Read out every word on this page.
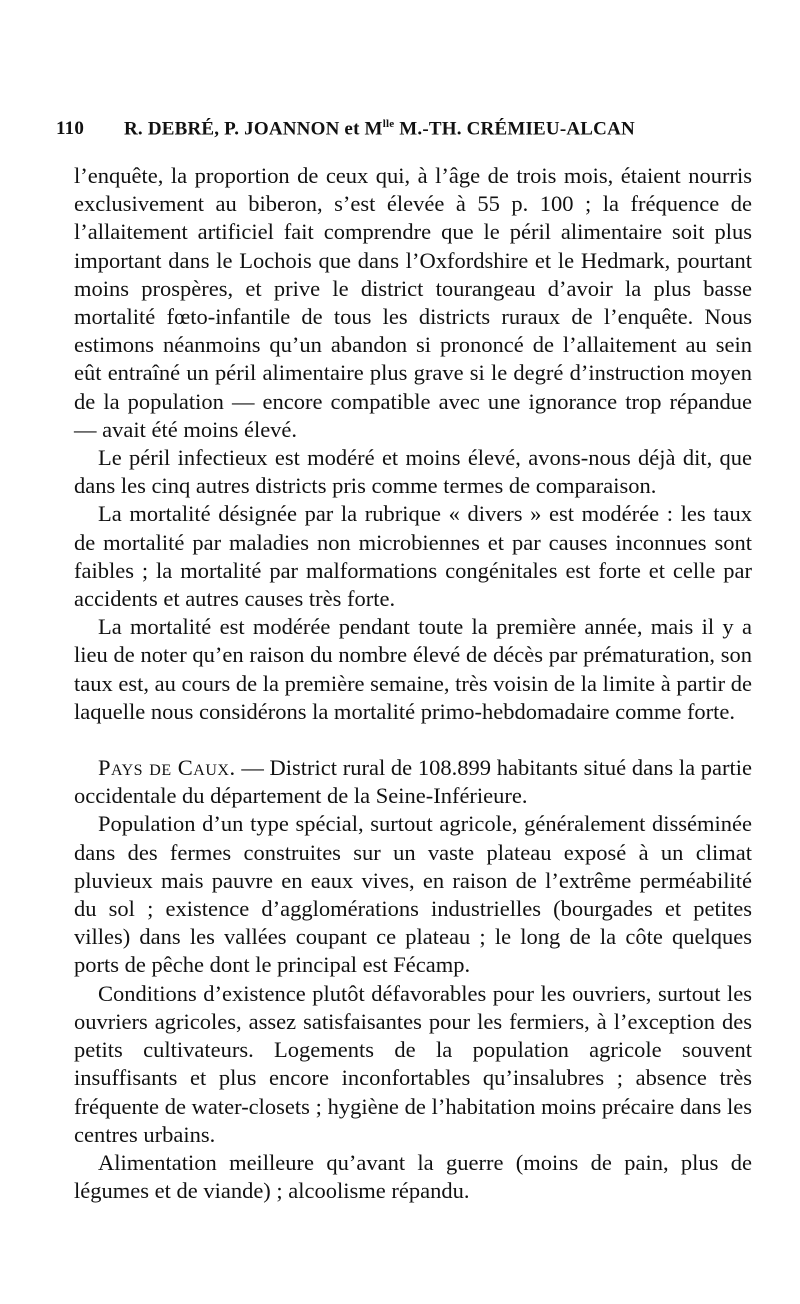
110 R. DEBRÉ, P. JOANNON et $M^{lle}$ M.-TH. CRÉMIEU-ALCAN

l’enquête, la proportion de ceux qui, à l’âge de trois mois, étaient nourris exclusivement au biberon, s’est élevée à 55 p. 100 ; la fréquence de l’allaitement artificiel fait comprendre que le péril alimentaire soit plus important dans le Lochois que dans l’Oxfordshire et le Hedmark, pourtant moins prospères, et prive le district tourangeau d’avoir la plus basse mortalité fœto-infantile de tous les districts ruraux de l’enquête. Nous estimons néanmoins qu’un abandon si prononcé de l’allaitement au sein eût entraîné un péril alimentaire plus grave si le degré d’instruction moyen de la population — encore compatible avec une ignorance trop répandue — avait été moins élevé.

Le péril infectieux est modéré et moins élevé, avons-nous déjà dit, que dans les cinq autres districts pris comme termes de comparaison.

La mortalité désignée par la rubrique « divers » est modérée : les taux de mortalité par maladies non microbiennes et par causes inconnues sont faibles ; la mortalité par malformations congénitales est forte et celle par accidents et autres causes très forte.

La mortalité est modérée pendant toute la première année, mais il y a lieu de noter qu’en raison du nombre élevé de décès par prématuration, son taux est, au cours de la première semaine, très voisin de la limite à partir de laquelle nous considérons la mortalité primo-hebdomadaire comme forte.

Pays de Caux. — District rural de 108.899 habitants situé dans la partie occidentale du département de la Seine-Inférieure.

Population d’un type spécial, surtout agricole, généralement disséminée dans des fermes construites sur un vaste plateau exposé à un climat pluvieux mais pauvre en eaux vives, en raison de l’extrême perméabilité du sol ; existence d’agglomérations industrielles (bourgades et petites villes) dans les vallées coupant ce plateau ; le long de la côte quelques ports de pêche dont le principal est Fécamp.

Conditions d’existence plutôt défavorables pour les ouvriers, surtout les ouvriers agricoles, assez satisfaisantes pour les fermiers, à l’exception des petits cultivateurs. Logements de la population agricole souvent insuffisants et plus encore inconfortables qu’insalubres ; absence très fréquente de water-closets ; hygiène de l’habitation moins précaire dans les centres urbains.

Alimentation meilleure qu’avant la guerre (moins de pain, plus de légumes et de viande) ; alcoolisme répandu.
